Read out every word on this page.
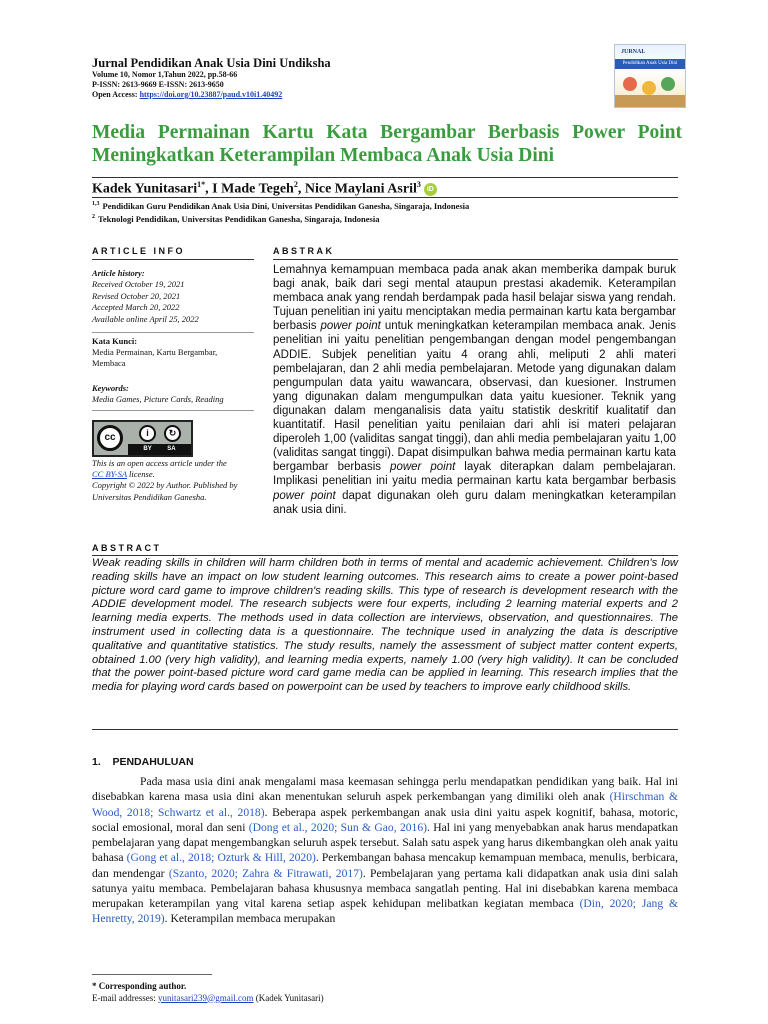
Jurnal Pendidikan Anak Usia Dini Undiksha
Volume 10, Nomor 1,Tahun 2022, pp.58-66
P-ISSN: 2613-9669 E-ISSN: 2613-9650
Open Access: https://doi.org/10.23887/paud.v10i1.40492
JURNAL
Pendidikan Anak Usia Dini Undiksha
Media Permainan Kartu Kata Bergambar Berbasis Power Point Meningkatkan Keterampilan Membaca Anak Usia Dini
Kadek Yunitasari$^{1*}$, I Made Tegeh$^2$, Nice Maylani Asril$^3$iD
$^{1,3}$ Pendidikan Guru Pendidikan Anak Usia Dini, Universitas Pendidikan Ganesha, Singaraja, Indonesia
$^2$ Teknologi Pendidikan, Universitas Pendidikan Ganesha, Singaraja, Indonesia
ARTICLE INFO
Article history:
Received October 19, 2021
Revised October 20, 2021
Accepted March 20, 2022
Available online April 25, 2022
Kata Kunci:
Media Permainan, Kartu Bergambar,
Membaca
Keywords:
Media Games, Picture Cards, Reading
cc	i	↻
BY	SA
This is an open access article under the
CC BY-SA license.
Copyright © 2022 by Author. Published by Universitas Pendidikan Ganesha.
ABSTRAK
Lemahnya kemampuan membaca pada anak akan memberika dampak buruk bagi anak, baik dari segi mental ataupun prestasi akademik. Keterampilan membaca anak yang rendah berdampak pada hasil belajar siswa yang rendah. Tujuan penelitian ini yaitu menciptakan media permainan kartu kata bergambar berbasis power point untuk meningkatkan keterampilan membaca anak. Jenis penelitian ini yaitu penelitian pengembangan dengan model pengembangan ADDIE. Subjek penelitian yaitu 4 orang ahli, meliputi 2 ahli materi pembelajaran, dan 2 ahli media pembelajaran. Metode yang digunakan dalam pengumpulan data yaitu wawancara, observasi, dan kuesioner. Instrumen yang digunakan dalam mengumpulkan data yaitu kuesioner. Teknik yang digunakan dalam menganalisis data yaitu statistik deskritif kualitatif dan kuantitatif. Hasil penelitian yaitu penilaian dari ahli isi materi pelajaran diperoleh 1,00 (validitas sangat tinggi), dan ahli media pembelajaran yaitu 1,00 (validitas sangat tinggi). Dapat disimpulkan bahwa media permainan kartu kata bergambar berbasis power point layak diterapkan dalam pembelajaran. Implikasi penelitian ini yaitu media permainan kartu kata bergambar berbasis power point dapat digunakan oleh guru dalam meningkatkan keterampilan anak usia dini.
ABSTRACT
Weak reading skills in children will harm children both in terms of mental and academic achievement. Children's low reading skills have an impact on low student learning outcomes. This research aims to create a power point-based picture word card game to improve children's reading skills. This type of research is development research with the ADDIE development model. The research subjects were four experts, including 2 learning material experts and 2 learning media experts. The methods used in data collection are interviews, observation, and questionnaires. The instrument used in collecting data is a questionnaire. The technique used in analyzing the data is descriptive qualitative and quantitative statistics. The study results, namely the assessment of subject matter content experts, obtained 1.00 (very high validity), and learning media experts, namely 1.00 (very high validity). It can be concluded that the power point-based picture word card game media can be applied in learning. This research implies that the media for playing word cards based on powerpoint can be used by teachers to improve early childhood skills.
1. PENDAHULUAN
Pada masa usia dini anak mengalami masa keemasan sehingga perlu mendapatkan pendidikan yang baik. Hal ini disebabkan karena masa usia dini akan menentukan seluruh aspek perkembangan yang dimiliki oleh anak (Hirschman & Wood, 2018; Schwartz et al., 2018). Beberapa aspek perkembangan anak usia dini yaitu aspek kognitif, bahasa, motoric, social emosional, moral dan seni (Dong et al., 2020; Sun & Gao, 2016). Hal ini yang menyebabkan anak harus mendapatkan pembelajaran yang dapat mengembangkan seluruh aspek tersebut. Salah satu aspek yang harus dikembangkan oleh anak yaitu bahasa (Gong et al., 2018; Ozturk & Hill, 2020). Perkembangan bahasa mencakup kemampuan membaca, menulis, berbicara, dan mendengar (Szanto, 2020; Zahra & Fitrawati, 2017). Pembelajaran yang pertama kali didapatkan anak usia dini salah satunya yaitu membaca. Pembelajaran bahasa khususnya membaca sangatlah penting. Hal ini disebabkan karena membaca merupakan keterampilan yang vital karena setiap aspek kehidupan melibatkan kegiatan membaca (Din, 2020; Jang & Henretty, 2019). Keterampilan membaca merupakan
* Corresponding author.
E-mail addresses: yunitasari239@gmail.com (Kadek Yunitasari)
